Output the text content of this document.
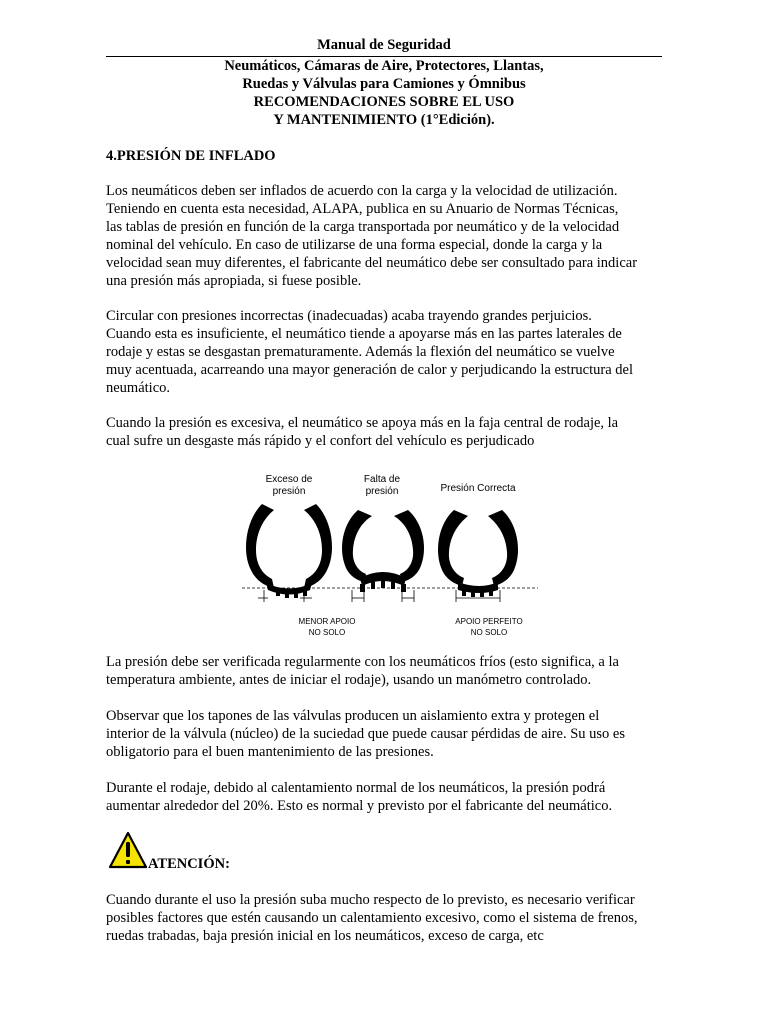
Manual de Seguridad
Neumáticos, Cámaras de Aire, Protectores, Llantas,
Ruedas y Válvulas para Camiones y Ómnibus
RECOMENDACIONES SOBRE EL USO
Y MANTENIMIENTO (1°Edición).
4.PRESIÓN DE INFLADO
Los neumáticos deben ser inflados de acuerdo con la carga y la velocidad de utilización.
Teniendo en cuenta esta necesidad, ALAPA, publica en su Anuario de Normas Técnicas,
las tablas de presión en función de la carga transportada por neumático y de la velocidad
nominal del vehículo. En caso de utilizarse de una forma especial, donde la carga y la
velocidad sean muy diferentes, el fabricante del neumático debe ser consultado para indicar
una presión más apropiada, si fuese posible.
Circular con presiones incorrectas (inadecuadas) acaba trayendo grandes perjuicios.
Cuando esta es insuficiente, el neumático tiende a apoyarse más en las partes laterales de
rodaje y estas se desgastan prematuramente. Además la flexión del neumático se vuelve
muy acentuada, acarreando una mayor generación de calor y perjudicando la estructura del
neumático.
Cuando la presión es excesiva, el neumático se apoya más en la faja central de rodaje, la
cual sufre un desgaste más rápido y el confort del vehículo es perjudicado
Exceso de
presión
Falta de
presión	Presión Correcta
MENOR APOIO
NO SOLO
APOIO PERFEITO
NO SOLO
La presión debe ser verificada regularmente con los neumáticos fríos (esto significa, a la
temperatura ambiente, antes de iniciar el rodaje), usando un manómetro controlado.
Observar que los tapones de las válvulas producen un aislamiento extra y protegen el
interior de la válvula (núcleo) de la suciedad que puede causar pérdidas de aire. Su uso es
obligatorio para el buen mantenimiento de las presiones.
Durante el rodaje, debido al calentamiento normal de los neumáticos, la presión podrá
aumentar alrededor del 20%. Esto es normal y previsto por el fabricante del neumático.
ATENCIÓN:
Cuando durante el uso la presión suba mucho respecto de lo previsto, es necesario verificar
posibles factores que estén causando un calentamiento excesivo, como el sistema de frenos,
ruedas trabadas, baja presión inicial en los neumáticos, exceso de carga, etc
